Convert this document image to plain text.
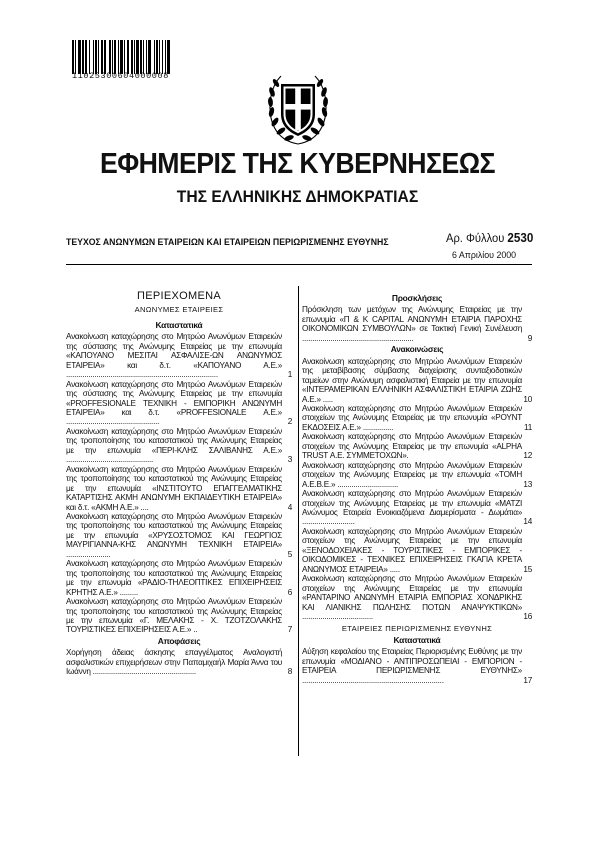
11025300604000008
ΕΦΗΜΕΡΙΣ ΤΗΣ ΚΥΒΕΡΝΗΣΕΩΣ
ΤΗΣ ΕΛΛΗΝΙΚΗΣ ΔΗΜΟΚΡΑΤΙΑΣ
ΤΕΥΧΟΣ ΑΝΩΝΥΜΩΝ ΕΤΑΙΡΕΙΩΝ ΚΑΙ ΕΤΑΙΡΕΙΩΝ ΠΕΡΙΩΡΙΣΜΕΝΗΣ ΕΥΘΥΝΗΣ	Αρ. Φύλλου 2530
6 Απριλίου 2000
ΠΕΡΙΕΧΟΜΕΝΑ
ΑΝΩΝΥΜΕΣ ΕΤΑΙΡΕΙΕΣ
Καταστατικά
Ανακοίνωση καταχώρησης στο Μητρώο Ανωνύμων Εταιρειών της σύστασης της Ανώνυμης Εταιρείας με την επωνυμία «ΚΑΠΟΥΑΝΟ ΜΕΣΙΤΑΙ ΑΣΦΑΛΙΣΕ-ΩΝ ΑΝΩΝΥΜΟΣ ΕΤΑΙΡΕΙΑ» και δ.τ. «ΚΑΠΟΥΑΝΟ Α.Ε.» ...........................................................................	1
Ανακοίνωση καταχώρησης στο Μητρώο Ανωνύμων Εταιρειών της σύστασης της Ανώνυμης Εταιρείας με την επωνυμία «PROFFESIONALE ΤΕΧΝΙΚΗ - ΕΜΠΟΡΙΚΗ ΑΝΩΝΥΜΗ ΕΤΑΙΡΕΙΑ» και δ.τ. «PROFFESIONALE Α.Ε.» ..............................................	2
Ανακοίνωση καταχώρησης στο Μητρώο Ανωνύμων Εταιρειών της τροποποίησης του καταστατικού της Ανώνυμης Εταιρείας με την επωνυμία «ΠΕΡΙ-ΚΛΗΣ ΣΑΛΙΒΑΝΗΣ Α.Ε.» ...........................................	3
Ανακοίνωση καταχώρησης στο Μητρώο Ανωνύμων Εταιρειών της τροποποίησης του καταστατικού της Ανώνυμης Εταιρείας με την επωνυμία «ΙΝΣΤΙΤΟΥΤΟ ΕΠΑΓΓΕΛΜΑΤΙΚΗΣ ΚΑΤΑΡΤΙΣΗΣ ΑΚΜΗ ΑΝΩΝΥΜΗ ΕΚΠΑΙΔΕΥΤΙΚΗ ΕΤΑΙΡΕΙΑ» και δ.τ. «ΑΚΜΗ Α.Ε.» ....	4
Ανακοίνωση καταχώρησης στο Μητρώο Ανωνύμων Εταιρειών της τροποποίησης του καταστατικού της Ανώνυμης Εταιρείας με την επωνυμία «ΧΡΥΣΟΣΤΟΜΟΣ ΚΑΙ ΓΕΩΡΓΙΟΣ ΜΑΥΡΙΓΙΑΝΝΑ-ΚΗΣ ΑΝΩΝΥΜΗ ΤΕΧΝΙΚΗ ΕΤΑΙΡΕΙΑ» ......................	5
Ανακοίνωση καταχώρησης στο Μητρώο Ανωνύμων Εταιρειών της τροποποίησης του καταστατικού της Ανώνυμης Εταιρείας με την επωνυμία «ΡΑΔΙΟ-ΤΗΛΕΟΠΤΙΚΕΣ ΕΠΙΧΕΙΡΗΣΕΙΣ ΚΡΗΤΗΣ Α.Ε.» .........	6
Ανακοίνωση καταχώρησης στο Μητρώο Ανωνύμων Εταιρειών της τροποποίησης του καταστατικού της Ανώνυμης Εταιρείας με την επωνυμία «Γ. ΜΕΛΑΚΗΣ - Χ. ΤΖΟΤΖΟΛΑΚΗΣ ΤΟΥΡΙΣΤΙΚΕΣ ΕΠΙΧΕΙΡΗΣΕΙΣ Α.Ε.» ..	7
Αποφάσεις
Χορήγηση άδειας άσκησης επαγγέλματος Αναλογιστή ασφαλιστικών επιχειρήσεων στην Παπαμιχαήλ Μαρία Άννα του Ιωάννη ...................................................	8
Προσκλήσεις
Πρόσκληση των μετόχων της Ανώνυμης Εταιρείας με την επωνυμία «Π & Κ CAPITAL ΑΝΩΝΥΜΗ ΕΤΑΙΡΙΑ ΠΑΡΟΧΗΣ ΟΙΚΟΝΟΜΙΚΩΝ ΣΥΜΒΟΥΛΩΝ» σε Τακτική Γενική Συνέλευση .......................................................	9
Ανακοινώσεις
Ανακοίνωση καταχώρησης στο Μητρώο Ανωνύμων Εταιρειών της μεταβίβασης σύμβασης διαχείρισης συνταξιοδοτικών ταμείων στην Ανώνυμη ασφαλιστική Εταιρεία με την επωνυμία «ΙΝΤΕΡΑΜΕΡΙΚΑΝ ΕΛΛΗΝΙΚΗ ΑΣΦΑΛΙΣΤΙΚΗ ΕΤΑΙΡΙΑ ΖΩΗΣ Α.Ε.» .....	10
Ανακοίνωση καταχώρησης στο Μητρώο Ανωνύμων Εταιρειών στοιχείων της Ανώνυμης Εταιρείας με την επωνυμία «ΡΟΥΝΤ ΕΚΔΟΣΕΙΣ Α.Ε.» ...............	11
Ανακοίνωση καταχώρησης στο Μητρώο Ανωνύμων Εταιρειών στοιχείων της Ανώνυμης Εταιρείας με την επωνυμία «ALPHA TRUST Α.Ε. ΣΥΜΜΕΤΟΧΩΝ».	12
Ανακοίνωση καταχώρησης στο Μητρώο Ανωνύμων Εταιρειών στοιχείων της Ανώνυμης Εταιρείας με την επωνυμία «ΤΟΜΗ Α.Ε.Β.Ε.» ..............................	13
Ανακοίνωση καταχώρησης στο Μητρώο Ανωνύμων Εταιρειών στοιχείων της Ανώνυμης Εταιρείας με την επωνυμία «ΜΑΤΖΙ Ανώνυμος Εταιρεία Ενοικιαζόμενα Διαμερίσματα - Δωμάτια» ..........................	14
Ανακοίνωση καταχώρησης στο Μητρώο Ανωνύμων Εταιρειών στοιχείων της Ανώνυμης Εταιρείας με την επωνυμία «ΞΕΝΟΔΟΧΕΙΑΚΕΣ - ΤΟΥΡΙΣΤΙΚΕΣ - ΕΜΠΟΡΙΚΕΣ - ΟΙΚΟΔΟΜΙΚΕΣ - ΤΕΧΝΙΚΕΣ ΕΠΙΧΕΙΡΗΣΕΙΣ ΓΚΑΓΙΑ ΚΡΕΤΑ ΑΝΩΝΥΜΟΣ ΕΤΑΙΡΕΙΑ» .....	15
Ανακοίνωση καταχώρησης στο Μητρώο Ανωνύμων Εταιρειών στοιχείων της Ανώνυμης Εταιρείας με την επωνυμία «ΡΑΝΤΑΡΙΝΟ ΑΝΩΝΥΜΗ ΕΤΑΙΡΙΑ ΕΜΠΟΡΙΑΣ ΧΟΝΔΡΙΚΗΣ ΚΑΙ ΛΙΑΝΙΚΗΣ ΠΩΛΗΣΗΣ ΠΟΤΩΝ ΑΝΑΨΥΚΤΙΚΩΝ» ...................................	16
ΕΤΑΙΡΕΙΕΣ ΠΕΡΙΩΡΙΣΜΕΝΗΣ ΕΥΘΥΝΗΣ
Καταστατικά
Αύξηση κεφαλαίου της Εταιρείας Περιορισμένης Ευθύνης με την επωνυμία «ΜΟΔΙΑΝΟ - ΑΝΤΙΠΡΟΣΩΠΕΙΑΙ - ΕΜΠΟΡΙΟΝ - ΕΤΑΙΡΕΙΑ ΠΕΡΙΩΡΙΣΜΕΝΗΣ ΕΥΘΥΝΗΣ» ......................................................................	17
